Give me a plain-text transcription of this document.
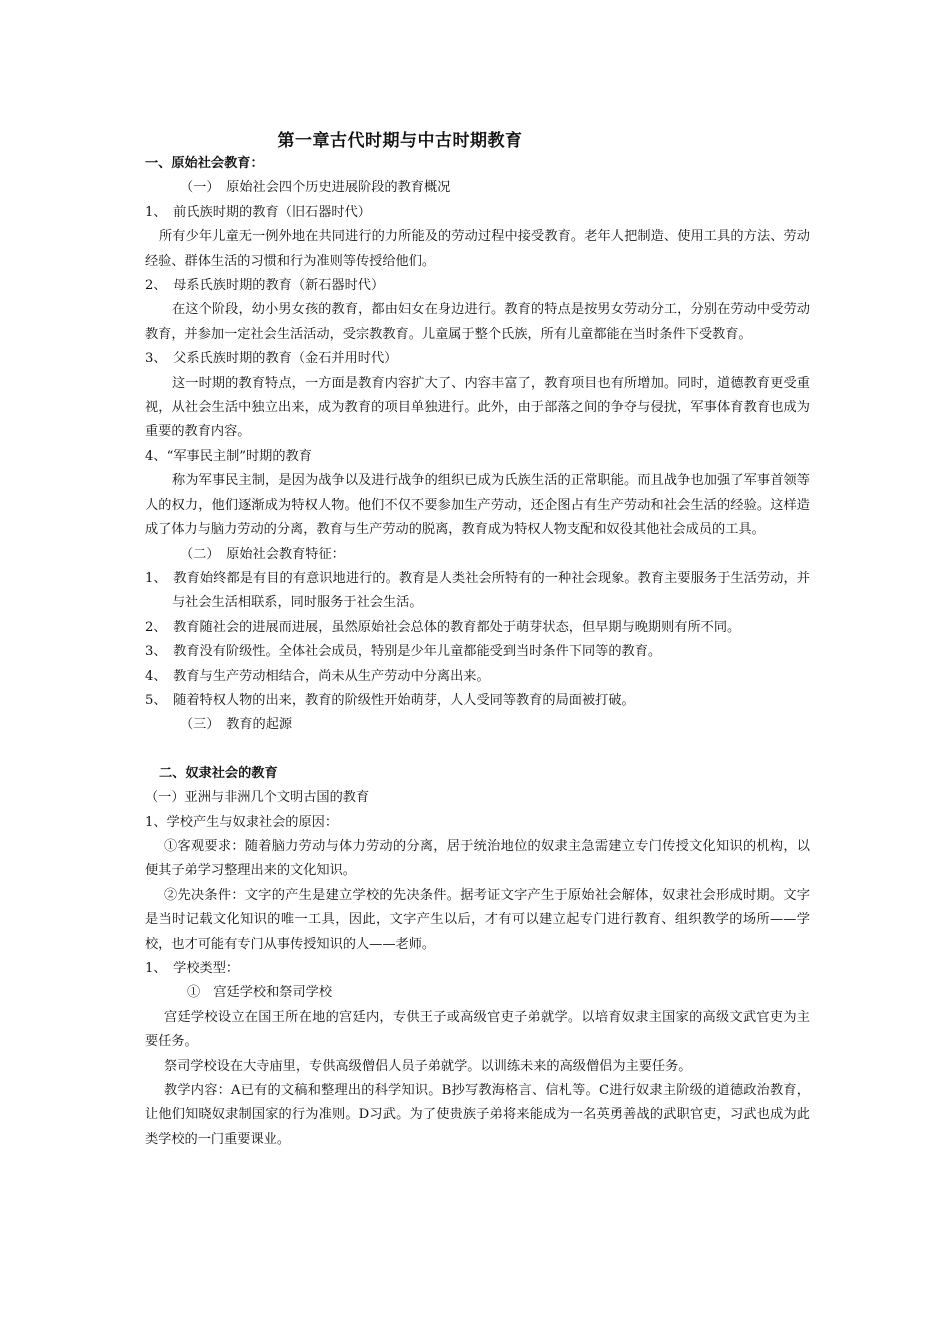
第一章古代时期与中古时期教育

一、原始社会教育：

（一）　原始社会四个历史进展阶段的教育概况

1、　前氏族时期的教育（旧石器时代）

所有少年儿童无一例外地在共同进行的力所能及的劳动过程中接受教育。老年人把制造、使用工具的方法、劳动经验、群体生活的习惯和行为准则等传授给他们。

2、　母系氏族时期的教育（新石器时代）

在这个阶段，幼小男女孩的教育，都由妇女在身边进行。教育的特点是按男女劳动分工，分别在劳动中受劳动教育，并参加一定社会生活活动，受宗教教育。儿童属于整个氏族，所有儿童都能在当时条件下受教育。

3、　父系氏族时期的教育（金石并用时代）

这一时期的教育特点，一方面是教育内容扩大了、内容丰富了，教育项目也有所增加。同时，道德教育更受重视，从社会生活中独立出来，成为教育的项目单独进行。此外，由于部落之间的争夺与侵扰，军事体育教育也成为重要的教育内容。

4、“军事民主制”时期的教育

称为军事民主制，是因为战争以及进行战争的组织已成为氏族生活的正常职能。而且战争也加强了军事首领等人的权力，他们逐渐成为特权人物。他们不仅不要参加生产劳动，还企图占有生产劳动和社会生活的经验。这样造成了体力与脑力劳动的分离，教育与生产劳动的脱离，教育成为特权人物支配和奴役其他社会成员的工具。

（二）　原始社会教育特征：

1、　教育始终都是有目的有意识地进行的。教育是人类社会所特有的一种社会现象。教育主要服务于生活劳动，并与社会生活相联系，同时服务于社会生活。

2、　教育随社会的进展而进展，虽然原始社会总体的教育都处于萌芽状态，但早期与晚期则有所不同。

3、　教育没有阶级性。全体社会成员，特别是少年儿童都能受到当时条件下同等的教育。

4、　教育与生产劳动相结合，尚未从生产劳动中分离出来。

5、　随着特权人物的出来，教育的阶级性开始萌芽，人人受同等教育的局面被打破。

（三）　教育的起源

二、奴隶社会的教育

（一）亚洲与非洲几个文明古国的教育

1、学校产生与奴隶社会的原因：

①客观要求：随着脑力劳动与体力劳动的分离，居于统治地位的奴隶主急需建立专门传授文化知识的机构，以便其子弟学习整理出来的文化知识。

②先决条件：文字的产生是建立学校的先决条件。据考证文字产生于原始社会解体，奴隶社会形成时期。文字是当时记载文化知识的唯一工具，因此，文字产生以后，才有可以建立起专门进行教育、组织教学的场所——学校，也才可能有专门从事传授知识的人——老师。

1、　学校类型：

①　宫廷学校和祭司学校

宫廷学校设立在国王所在地的宫廷内，专供王子或高级官吏子弟就学。以培育奴隶主国家的高级文武官吏为主要任务。

祭司学校设在大寺庙里，专供高级僧侣人员子弟就学。以训练未来的高级僧侣为主要任务。

教学内容：A已有的文稿和整理出的科学知识。B抄写教海格言、信札等。C进行奴隶主阶级的道德政治教育，让他们知晓奴隶制国家的行为准则。D习武。为了使贵族子弟将来能成为一名英勇善战的武职官吏，习武也成为此类学校的一门重要课业。
